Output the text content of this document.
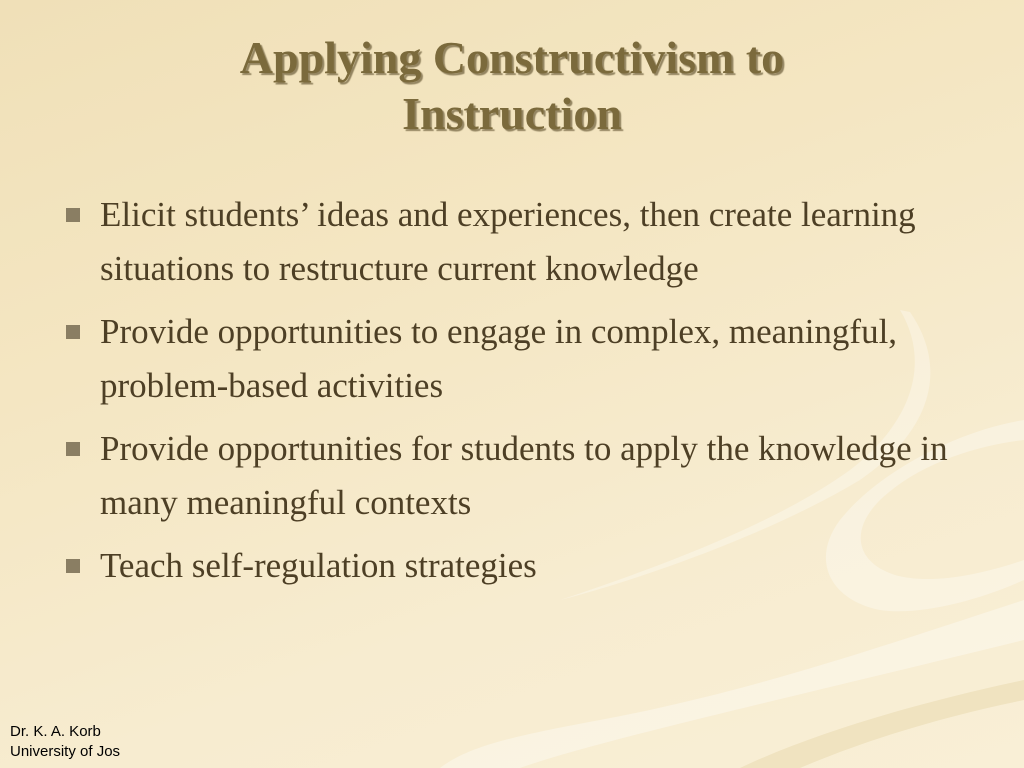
Applying Constructivism to Instruction
Elicit students’ ideas and experiences, then create learning situations to restructure current knowledge
Provide opportunities to engage in complex, meaningful, problem-based activities
Provide opportunities for students to apply the knowledge in many meaningful contexts
Teach self-regulation strategies
Dr. K. A. Korb
University of Jos
